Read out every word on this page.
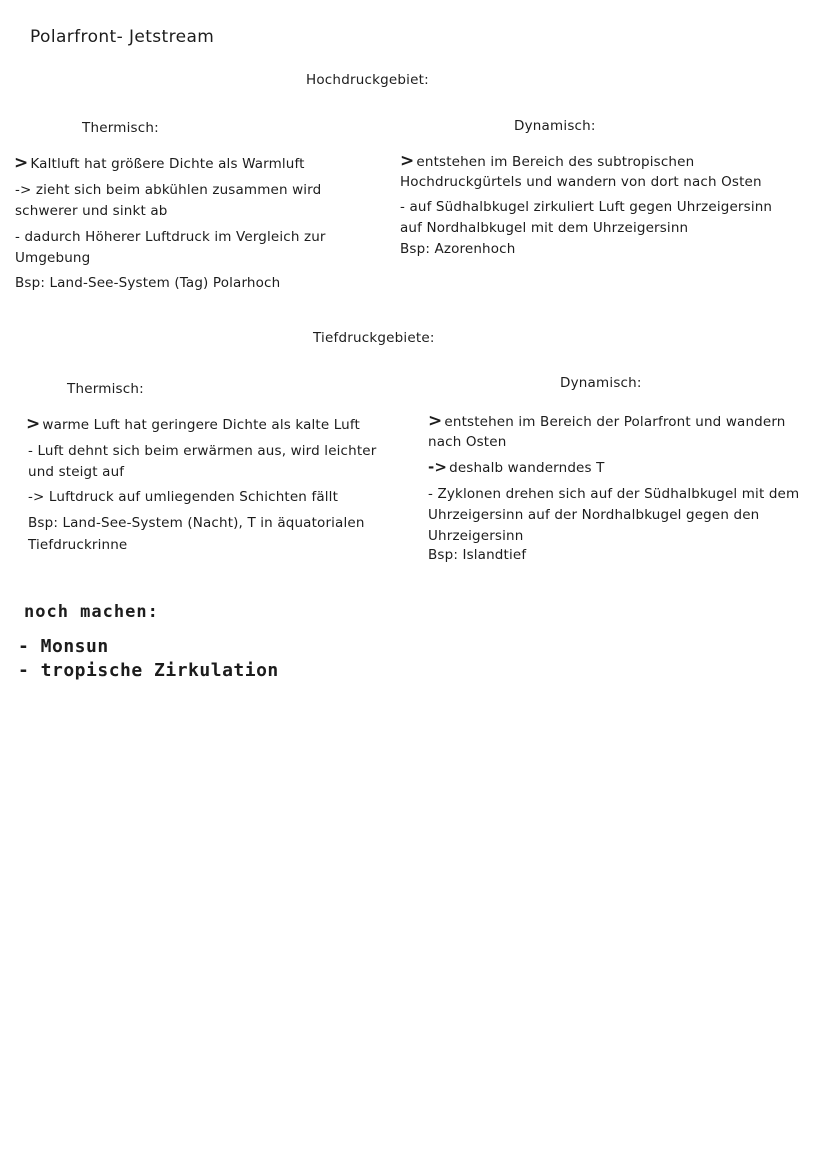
Polarfront- Jetstream
Hochdruckgebiet:
Thermisch:	Dynamisch:
> Kaltluft hat größere Dichte als Warmluft
-> zieht sich beim abkühlen zusammen wird
schwerer und sinkt ab
- dadurch Höherer Luftdruck im Vergleich zur
Umgebung
Bsp: Land-See-System (Tag) Polarhoch
> entstehen im Bereich des subtropischen
Hochdruckgürtels und wandern von dort nach Osten
- auf Südhalbkugel zirkuliert Luft gegen Uhrzeigersinn
auf Nordhalbkugel mit dem Uhrzeigersinn
Bsp: Azorenhoch
Tiefdruckgebiete:
Thermisch:	Dynamisch:
> warme Luft hat geringere Dichte als kalte Luft
- Luft dehnt sich beim erwärmen aus, wird leichter
und steigt auf
-> Luftdruck auf umliegenden Schichten fällt
Bsp: Land-See-System (Nacht), T in äquatorialen
Tiefdruckrinne
> entstehen im Bereich der Polarfront und wandern
nach Osten
-> deshalb wanderndes T
- Zyklonen drehen sich auf der Südhalbkugel mit dem
Uhrzeigersinn auf der Nordhalbkugel gegen den
Uhrzeigersinn
Bsp: Islandtief
noch machen:
- Monsun
- tropische Zirkulation
